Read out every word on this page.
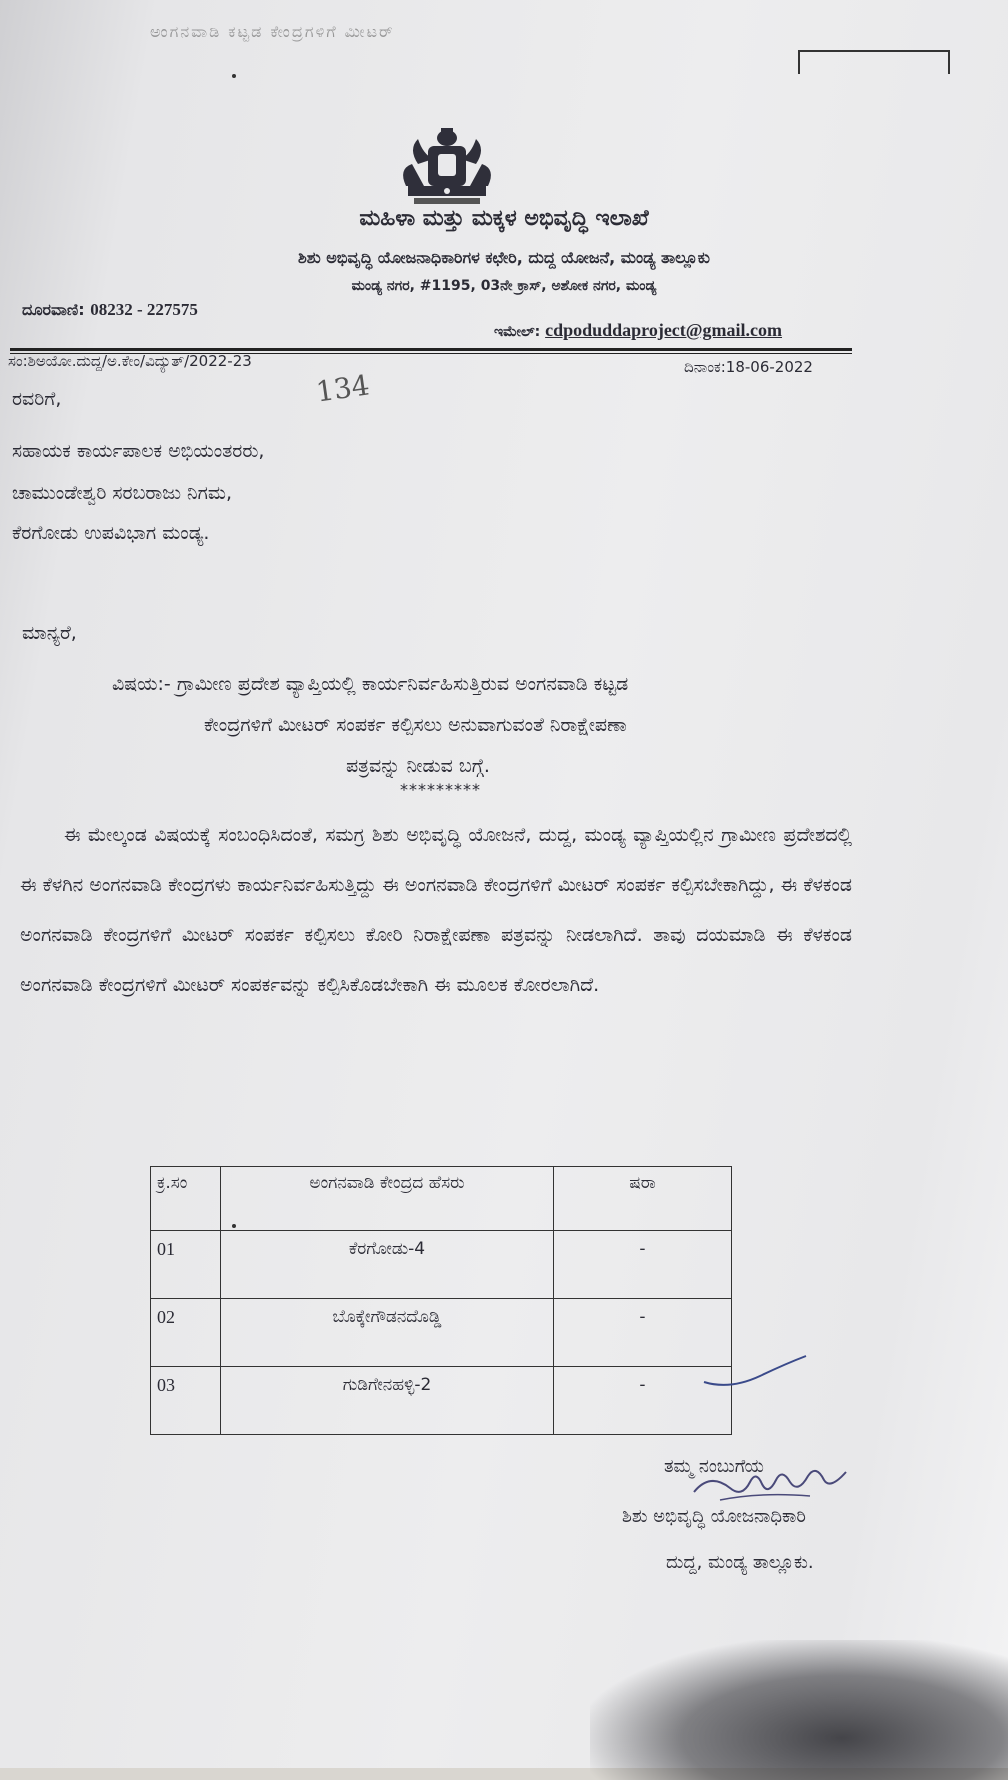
ಅಂಗನವಾಡಿ ಕಟ್ಟಡ ಕೇಂದ್ರಗಳಿಗೆ ಮೀಟರ್
ಮಹಿಳಾ ಮತ್ತು ಮಕ್ಕಳ ಅಭಿವೃದ್ಧಿ ಇಲಾಖೆ
ಶಿಶು ಅಭಿವೃದ್ಧಿ ಯೋಜನಾಧಿಕಾರಿಗಳ ಕಛೇರಿ, ದುದ್ದ ಯೋಜನೆ, ಮಂಡ್ಯ ತಾಲ್ಲೂಕು
ಮಂಡ್ಯ ನಗರ, #1195, 03ನೇ ಕ್ರಾಸ್, ಅಶೋಕ ನಗರ, ಮಂಡ್ಯ
ದೂರವಾಣಿ: 08232 - 227575
ಇಮೇಲ್: cdpoduddaproject@gmail.com
ಸಂ:ಶಿಅಯೋ.ದುದ್ದ/ಅ.ಕೇಂ/ವಿದ್ಯುತ್/2022-23	ದಿನಾಂಕ:18-06-2022
134
ರವರಿಗೆ,
ಸಹಾಯಕ ಕಾರ್ಯಪಾಲಕ ಅಭಿಯಂತರರು,
ಚಾಮುಂಡೇಶ್ವರಿ ಸರಬರಾಜು ನಿಗಮ,
ಕೆರಗೋಡು ಉಪವಿಭಾಗ ಮಂಡ್ಯ.
ಮಾನ್ಯರೆ,
ವಿಷಯ:- ಗ್ರಾಮೀಣ ಪ್ರದೇಶ ವ್ಯಾಪ್ತಿಯಲ್ಲಿ ಕಾರ್ಯನಿರ್ವಹಿಸುತ್ತಿರುವ ಅಂಗನವಾಡಿ ಕಟ್ಟಡ
ಕೇಂದ್ರಗಳಿಗೆ ಮೀಟರ್ ಸಂಪರ್ಕ ಕಲ್ಪಿಸಲು ಅನುವಾಗುವಂತೆ ನಿರಾಕ್ಷೇಪಣಾ
ಪತ್ರವನ್ನು ನೀಡುವ ಬಗ್ಗೆ.
*********
ಈ ಮೇಲ್ಕಂಡ ವಿಷಯಕ್ಕೆ ಸಂಬಂಧಿಸಿದಂತೆ, ಸಮಗ್ರ ಶಿಶು ಅಭಿವೃದ್ಧಿ ಯೋಜನೆ, ದುದ್ದ, ಮಂಡ್ಯ ವ್ಯಾಪ್ತಿಯಲ್ಲಿನ ಗ್ರಾಮೀಣ ಪ್ರದೇಶದಲ್ಲಿ ಈ ಕೆಳಗಿನ ಅಂಗನವಾಡಿ ಕೇಂದ್ರಗಳು ಕಾರ್ಯನಿರ್ವಹಿಸುತ್ತಿದ್ದು ಈ ಅಂಗನವಾಡಿ ಕೇಂದ್ರಗಳಿಗೆ ಮೀಟರ್ ಸಂಪರ್ಕ ಕಲ್ಪಿಸಬೇಕಾಗಿದ್ದು, ಈ ಕೆಳಕಂಡ ಅಂಗನವಾಡಿ ಕೇಂದ್ರಗಳಿಗೆ ಮೀಟರ್ ಸಂಪರ್ಕ ಕಲ್ಪಿಸಲು ಕೋರಿ ನಿರಾಕ್ಷೇಪಣಾ ಪತ್ರವನ್ನು ನೀಡಲಾಗಿದೆ. ತಾವು ದಯಮಾಡಿ ಈ ಕೆಳಕಂಡ ಅಂಗನವಾಡಿ ಕೇಂದ್ರಗಳಿಗೆ ಮೀಟರ್ ಸಂಪರ್ಕವನ್ನು ಕಲ್ಪಿಸಿಕೊಡಬೇಕಾಗಿ ಈ ಮೂಲಕ ಕೋರಲಾಗಿದೆ.
ಕ್ರ.ಸಂ	ಅಂಗನವಾಡಿ ಕೇಂದ್ರದ ಹೆಸರು	ಷರಾ
01	ಕೆರಗೋಡು-4	-
02	ಬೊಕ್ಕೇಗೌಡನದೊಡ್ಡಿ	-
03	ಗುಡಿಗೇನಹಳ್ಳಿ-2	-
ತಮ್ಮ ನಂಬುಗೆಯ
ಶಿಶು ಅಭಿವೃದ್ಧಿ ಯೋಜನಾಧಿಕಾರಿ
ದುದ್ದ, ಮಂಡ್ಯ ತಾಲ್ಲೂಕು.
